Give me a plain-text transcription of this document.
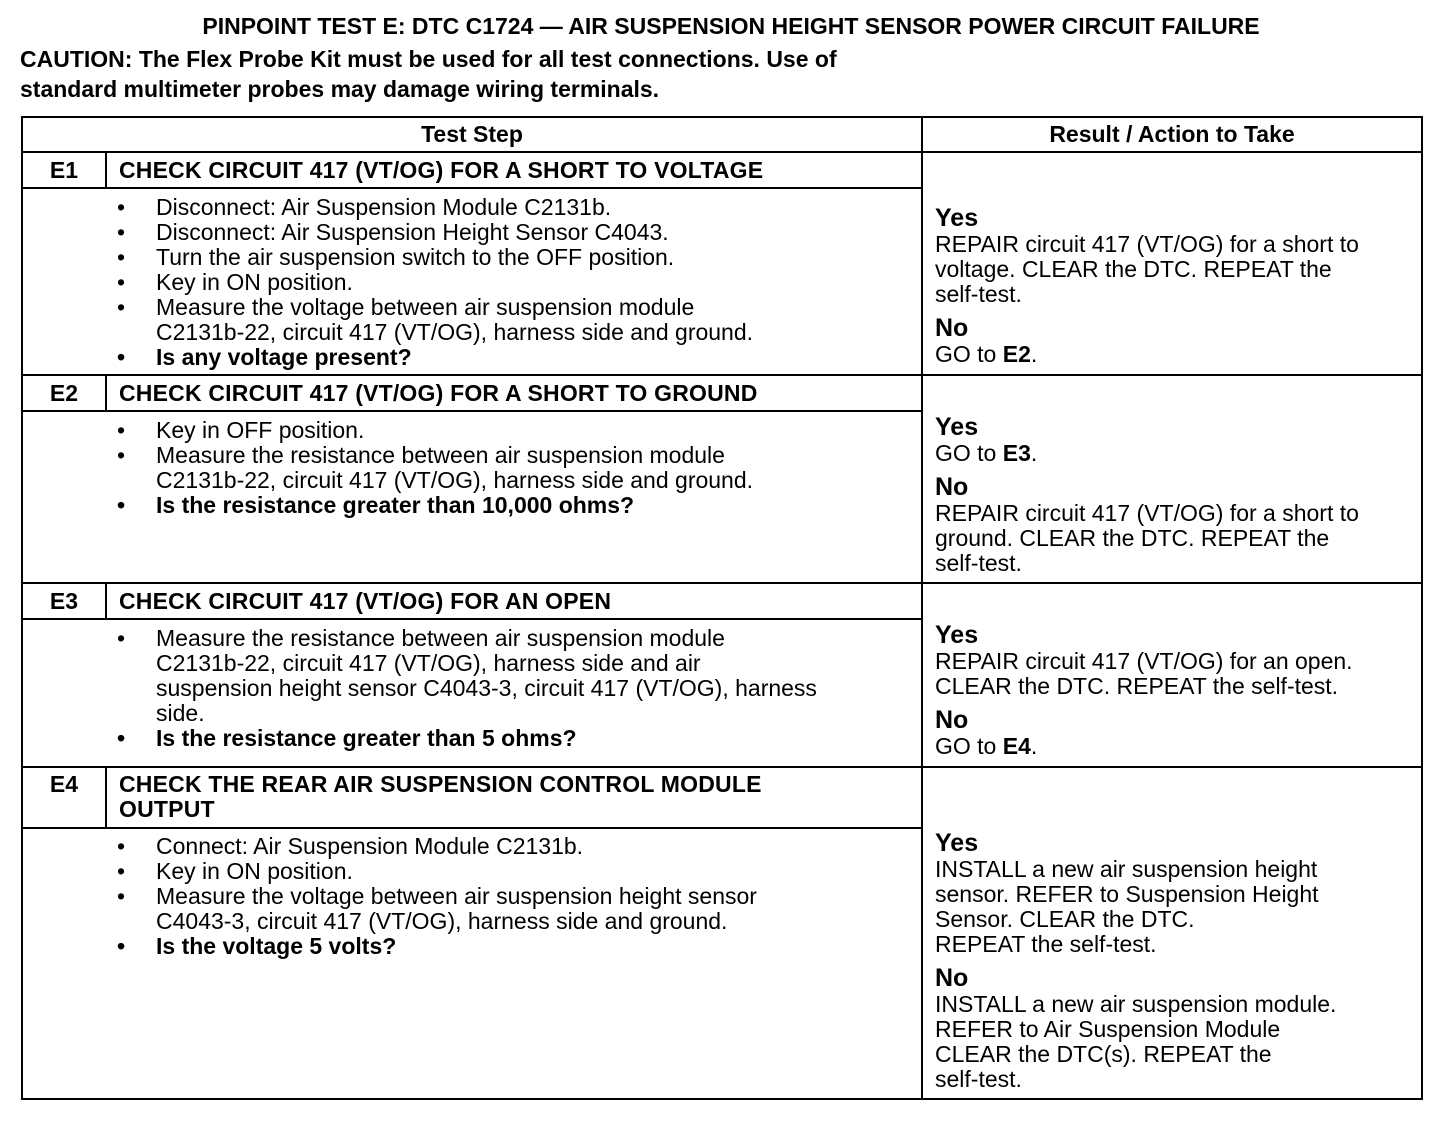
PINPOINT TEST E: DTC C1724 — AIR SUSPENSION HEIGHT SENSOR POWER CIRCUIT FAILURE
CAUTION: The Flex Probe Kit must be used for all test connections. Use of
standard multimeter probes may damage wiring terminals.
Test Step	Result / Action to Take
E1	CHECK CIRCUIT 417 (VT/OG) FOR A SHORT TO VOLTAGE
• Disconnect: Air Suspension Module C2131b.
• Disconnect: Air Suspension Height Sensor C4043.
• Turn the air suspension switch to the OFF position.
• Key in ON position.
• Measure the voltage between air suspension module
C2131b-22, circuit 417 (VT/OG), harness side and ground.
• Is any voltage present?
Yes
REPAIR circuit 417 (VT/OG) for a short to
voltage. CLEAR the DTC. REPEAT the
self-test.
No
GO to E2.
E2	CHECK CIRCUIT 417 (VT/OG) FOR A SHORT TO GROUND
• Key in OFF position.
• Measure the resistance between air suspension module
C2131b-22, circuit 417 (VT/OG), harness side and ground.
• Is the resistance greater than 10,000 ohms?
Yes
GO to E3.
No
REPAIR circuit 417 (VT/OG) for a short to
ground. CLEAR the DTC. REPEAT the
self-test.
E3	CHECK CIRCUIT 417 (VT/OG) FOR AN OPEN
• Measure the resistance between air suspension module
C2131b-22, circuit 417 (VT/OG), harness side and air
suspension height sensor C4043-3, circuit 417 (VT/OG), harness
side.
• Is the resistance greater than 5 ohms?
Yes
REPAIR circuit 417 (VT/OG) for an open.
CLEAR the DTC. REPEAT the self-test.
No
GO to E4.
E4	CHECK THE REAR AIR SUSPENSION CONTROL MODULE
OUTPUT
• Connect: Air Suspension Module C2131b.
• Key in ON position.
• Measure the voltage between air suspension height sensor
C4043-3, circuit 417 (VT/OG), harness side and ground.
• Is the voltage 5 volts?
Yes
INSTALL a new air suspension height
sensor. REFER to Suspension Height
Sensor. CLEAR the DTC.
REPEAT the self-test.
No
INSTALL a new air suspension module.
REFER to Air Suspension Module
CLEAR the DTC(s). REPEAT the
self-test.
